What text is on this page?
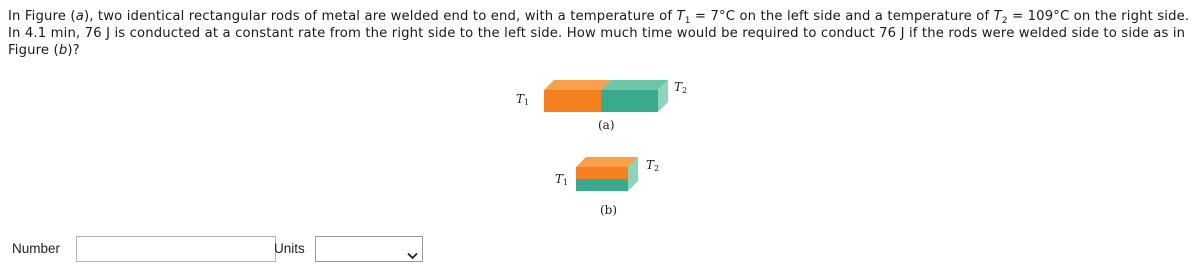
In Figure (a), two identical rectangular rods of metal are welded end to end, with a temperature of $T_1 = 7^\circ C$ on the left side and a temperature of $T_2 = 109^\circ C$ on the right side. In 4.1 min, 76 J is conducted at a constant rate from the right side to the left side. How much time would be required to conduct 76 J if the rods were welded side to side as in Figure (b)?
$T_1$
$T_2$
(a)
$T_1$
$T_2$
(b)
Number	Units
